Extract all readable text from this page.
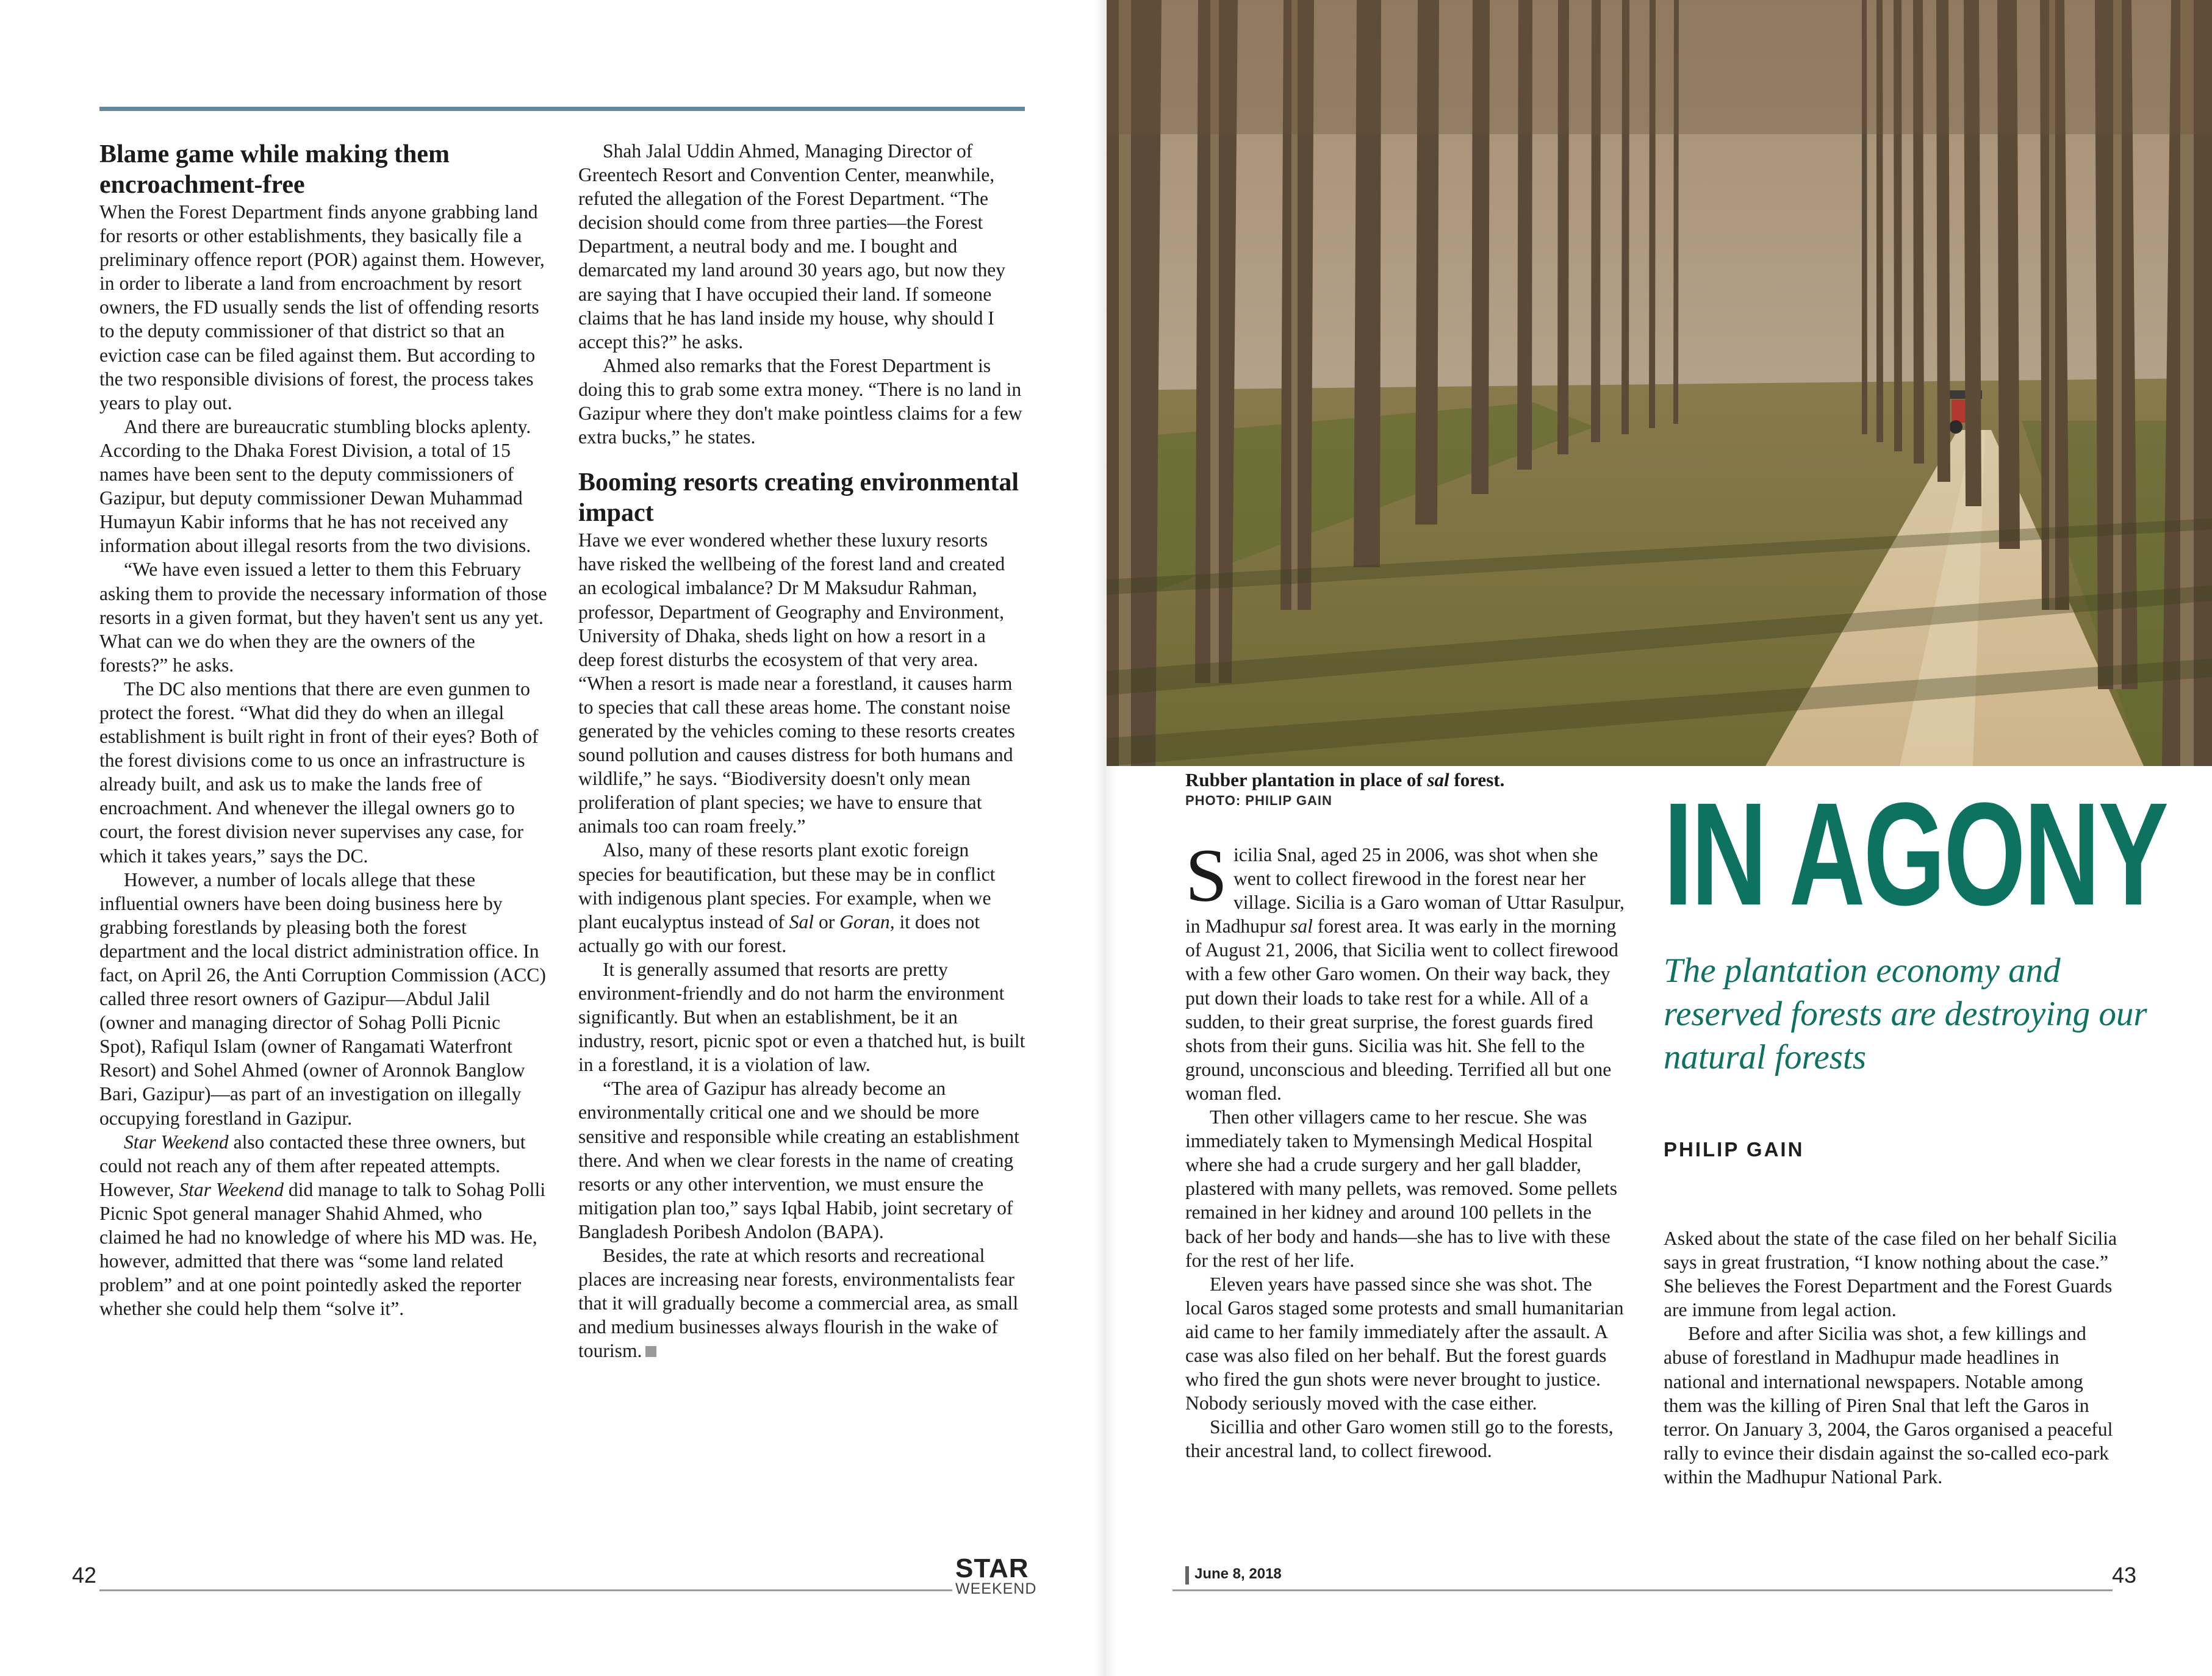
Blame game while making them encroachment-free

When the Forest Department finds anyone grabbing land for resorts or other establishments, they basically file a preliminary offence report (POR) against them. However, in order to liberate a land from encroachment by resort owners, the FD usually sends the list of offending resorts to the deputy commissioner of that district so that an eviction case can be filed against them. But according to the two responsible divisions of forest, the process takes years to play out.

And there are bureaucratic stumbling blocks aplenty. According to the Dhaka Forest Division, a total of 15 names have been sent to the deputy commissioners of Gazipur, but deputy commissioner Dewan Muhammad Humayun Kabir informs that he has not received any information about illegal resorts from the two divisions.

“We have even issued a letter to them this February asking them to provide the necessary information of those resorts in a given format, but they haven't sent us any yet. What can we do when they are the owners of the forests?” he asks.

The DC also mentions that there are even gunmen to protect the forest. “What did they do when an illegal establishment is built right in front of their eyes? Both of the forest divisions come to us once an infrastructure is already built, and ask us to make the lands free of encroachment. And whenever the illegal owners go to court, the forest division never supervises any case, for which it takes years,” says the DC.

However, a number of locals allege that these influential owners have been doing business here by grabbing forestlands by pleasing both the forest department and the local district administration office. In fact, on April 26, the Anti Corruption Commission (ACC) called three resort owners of Gazipur—Abdul Jalil (owner and managing director of Sohag Polli Picnic Spot), Rafiqul Islam (owner of Rangamati Waterfront Resort) and Sohel Ahmed (owner of Aronnok Banglow Bari, Gazipur)—as part of an investigation on illegally occupying forestland in Gazipur.

Star Weekend also contacted these three owners, but could not reach any of them after repeated attempts. However, Star Weekend did manage to talk to Sohag Polli Picnic Spot general manager Shahid Ahmed, who claimed he had no knowledge of where his MD was. He, however, admitted that there was “some land related problem” and at one point pointedly asked the reporter whether she could help them “solve it”.

Shah Jalal Uddin Ahmed, Managing Director of Greentech Resort and Convention Center, meanwhile, refuted the allegation of the Forest Department. “The decision should come from three parties—the Forest Department, a neutral body and me. I bought and demarcated my land around 30 years ago, but now they are saying that I have occupied their land. If someone claims that he has land inside my house, why should I accept this?” he asks.

Ahmed also remarks that the Forest Department is doing this to grab some extra money. “There is no land in Gazipur where they don't make pointless claims for a few extra bucks,” he states.

Booming resorts creating environmental impact

Have we ever wondered whether these luxury resorts have risked the wellbeing of the forest land and created an ecological imbalance? Dr M Maksudur Rahman, professor, Department of Geography and Environment, University of Dhaka, sheds light on how a resort in a deep forest disturbs the ecosystem of that very area. “When a resort is made near a forestland, it causes harm to species that call these areas home. The constant noise generated by the vehicles coming to these resorts creates sound pollution and causes distress for both humans and wildlife,” he says. “Biodiversity doesn't only mean proliferation of plant species; we have to ensure that animals too can roam freely.”

Also, many of these resorts plant exotic foreign species for beautification, but these may be in conflict with indigenous plant species. For example, when we plant eucalyptus instead of Sal or Goran, it does not actually go with our forest.

It is generally assumed that resorts are pretty environment-friendly and do not harm the environment significantly. But when an establishment, be it an industry, resort, picnic spot or even a thatched hut, is built in a forestland, it is a violation of law.

“The area of Gazipur has already become an environmentally critical one and we should be more sensitive and responsible while creating an establishment there. And when we clear forests in the name of creating resorts or any other intervention, we must ensure the mitigation plan too,” says Iqbal Habib, joint secretary of Bangladesh Poribesh Andolon (BAPA).

Besides, the rate at which resorts and recreational places are increasing near forests, environmentalists fear that it will gradually become a commercial area, as small and medium businesses always flourish in the wake of tourism.

Rubber plantation in place of sal forest.
PHOTO: PHILIP GAIN	IN AGONY
The plantation economy and reserved forests are destroying our natural forests
PHILIP GAIN

Sicilia Snal, aged 25 in 2006, was shot when she went to collect firewood in the forest near her village. Sicilia is a Garo woman of Uttar Rasulpur, in Madhupur sal forest area. It was early in the morning of August 21, 2006, that Sicilia went to collect firewood with a few other Garo women. On their way back, they put down their loads to take rest for a while. All of a sudden, to their great surprise, the forest guards fired shots from their guns. Sicilia was hit. She fell to the ground, unconscious and bleeding. Terrified all but one woman fled.

Then other villagers came to her rescue. She was immediately taken to Mymensingh Medical Hospital where she had a crude surgery and her gall bladder, plastered with many pellets, was removed. Some pellets remained in her kidney and around 100 pellets in the back of her body and hands—she has to live with these for the rest of her life.

Eleven years have passed since she was shot. The local Garos staged some protests and small humanitarian aid came to her family immediately after the assault. A case was also filed on her behalf. But the forest guards who fired the gun shots were never brought to justice. Nobody seriously moved with the case either.

Sicillia and other Garo women still go to the forests, their ancestral land, to collect firewood.

Asked about the state of the case filed on her behalf Sicilia says in great frustration, “I know nothing about the case.” She believes the Forest Department and the Forest Guards are immune from legal action.

Before and after Sicilia was shot, a few killings and abuse of forestland in Madhupur made headlines in national and international newspapers. Notable among them was the killing of Piren Snal that left the Garos in terror. On January 3, 2004, the Garos organised a peaceful rally to evince their disdain against the so-called eco-park within the Madhupur National Park.

42	43
STAR
WEEKEND
June 8, 2018
